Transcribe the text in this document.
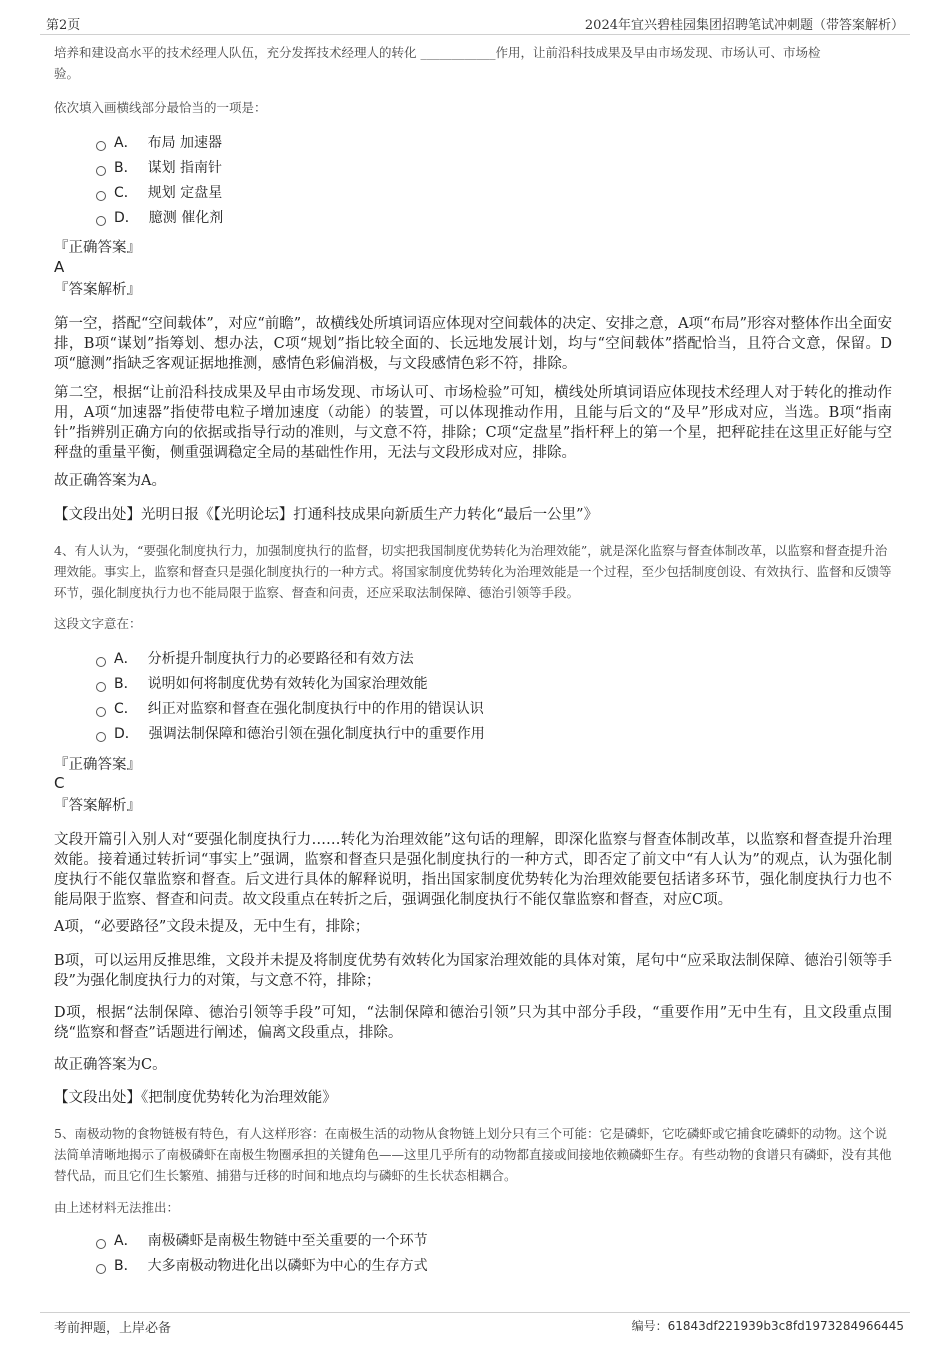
第2页	2024年宜兴碧桂园集团招聘笔试冲刺题（带答案解析）
培养和建设高水平的技术经理人队伍，充分发挥技术经理人的转化 ____________作用，让前沿科技成果及早由市场发现、市场认可、市场检
验。
依次填入画横线部分最恰当的一项是：
A． 布局 加速器
B． 谋划 指南针
C． 规划 定盘星
D． 臆测 催化剂
『正确答案』
A
『答案解析』
第一空，搭配“空间载体”，对应“前瞻”，故横线处所填词语应体现对空间载体的决定、安排之意，A项“布局”形容对整体作出全面安排，B项“谋划”指筹划、想办法，C项“规划”指比较全面的、长远地发展计划，均与“空间载体”搭配恰当，且符合文意，保留。D项“臆测”指缺乏客观证据地推测，感情色彩偏消极，与文段感情色彩不符，排除。
第二空，根据“让前沿科技成果及早由市场发现、市场认可、市场检验”可知，横线处所填词语应体现技术经理人对于转化的推动作用，A项“加速器”指使带电粒子增加速度（动能）的装置，可以体现推动作用，且能与后文的“及早”形成对应，当选。B项“指南针”指辨别正确方向的依据或指导行动的准则，与文意不符，排除；C项“定盘星”指杆秤上的第一个星，把秤砣挂在这里正好能与空秤盘的重量平衡，侧重强调稳定全局的基础性作用，无法与文段形成对应，排除。
故正确答案为A。
【文段出处】光明日报《【光明论坛】打通科技成果向新质生产力转化“最后一公里”》
4、有人认为，“要强化制度执行力，加强制度执行的监督，切实把我国制度优势转化为治理效能”，就是深化监察与督查体制改革，以监察和督查提升治理效能。事实上，监察和督查只是强化制度执行的一种方式。将国家制度优势转化为治理效能是一个过程，至少包括制度创设、有效执行、监督和反馈等环节，强化制度执行力也不能局限于监察、督查和问责，还应采取法制保障、德治引领等手段。
这段文字意在：
A． 分析提升制度执行力的必要路径和有效方法
B． 说明如何将制度优势有效转化为国家治理效能
C． 纠正对监察和督查在强化制度执行中的作用的错误认识
D． 强调法制保障和德治引领在强化制度执行中的重要作用
『正确答案』
C
『答案解析』
文段开篇引入别人对“要强化制度执行力……转化为治理效能”这句话的理解，即深化监察与督查体制改革，以监察和督查提升治理效能。接着通过转折词“事实上”强调，监察和督查只是强化制度执行的一种方式，即否定了前文中“有人认为”的观点，认为强化制度执行不能仅靠监察和督查。后文进行具体的解释说明，指出国家制度优势转化为治理效能要包括诸多环节，强化制度执行力也不能局限于监察、督查和问责。故文段重点在转折之后，强调强化制度执行不能仅靠监察和督查，对应C项。
A项，“必要路径”文段未提及，无中生有，排除；
B项，可以运用反推思维，文段并未提及将制度优势有效转化为国家治理效能的具体对策，尾句中“应采取法制保障、德治引领等手段”为强化制度执行力的对策，与文意不符，排除；
D项，根据“法制保障、德治引领等手段”可知，“法制保障和德治引领”只为其中部分手段，“重要作用”无中生有，且文段重点围绕“监察和督查”话题进行阐述，偏离文段重点，排除。
故正确答案为C。
【文段出处】《把制度优势转化为治理效能》
5、南极动物的食物链极有特色，有人这样形容：在南极生活的动物从食物链上划分只有三个可能：它是磷虾，它吃磷虾或它捕食吃磷虾的动物。这个说法简单清晰地揭示了南极磷虾在南极生物圈承担的关键角色——这里几乎所有的动物都直接或间接地依赖磷虾生存。有些动物的食谱只有磷虾，没有其他替代品，而且它们生长繁殖、捕猎与迁移的时间和地点均与磷虾的生长状态相耦合。
由上述材料无法推出：
A． 南极磷虾是南极生物链中至关重要的一个环节
B． 大多南极动物进化出以磷虾为中心的生存方式
考前押题，上岸必备	编号：61843df221939b3c8fd1973284966445
